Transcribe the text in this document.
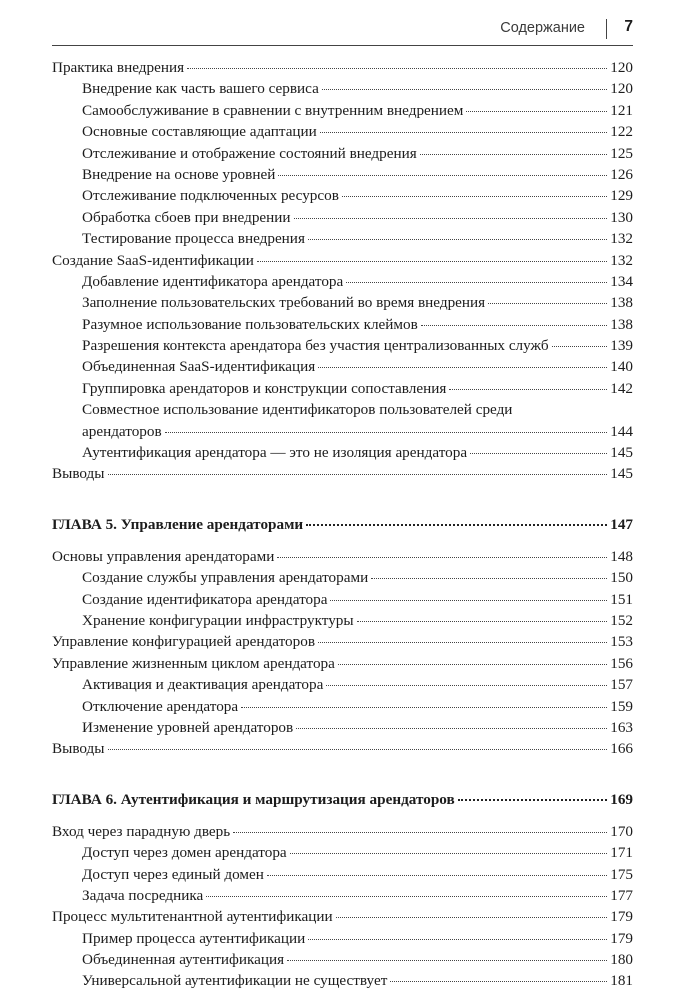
Содержание	7
Практика внедрения	120
Внедрение как часть вашего сервиса	120
Самообслуживание в сравнении с внутренним внедрением	121
Основные составляющие адаптации	122
Отслеживание и отображение состояний внедрения	125
Внедрение на основе уровней	126
Отслеживание подключенных ресурсов	129
Обработка сбоев при внедрении	130
Тестирование процесса внедрения	132
Создание SaaS-идентификации	132
Добавление идентификатора арендатора	134
Заполнение пользовательских требований во время внедрения	138
Разумное использование пользовательских клеймов	138
Разрешения контекста арендатора без участия централизованных служб	139
Объединенная SaaS-идентификация	140
Группировка арендаторов и конструкции сопоставления	142
Совместное использование идентификаторов пользователей среди
арендаторов	144
Аутентификация арендатора — это не изоляция арендатора	145
Выводы	145
ГЛАВА 5. Управление арендаторами	147
Основы управления арендаторами	148
Создание службы управления арендаторами	150
Создание идентификатора арендатора	151
Хранение конфигурации инфраструктуры	152
Управление конфигурацией арендаторов	153
Управление жизненным циклом арендатора	156
Активация и деактивация арендатора	157
Отключение арендатора	159
Изменение уровней арендаторов	163
Выводы	166
ГЛАВА 6. Аутентификация и маршрутизация арендаторов	169
Вход через парадную дверь	170
Доступ через домен арендатора	171
Доступ через единый домен	175
Задача посредника	177
Процесс мультитенантной аутентификации	179
Пример процесса аутентификации	179
Объединенная аутентификация	180
Универсальной аутентификации не существует	181
